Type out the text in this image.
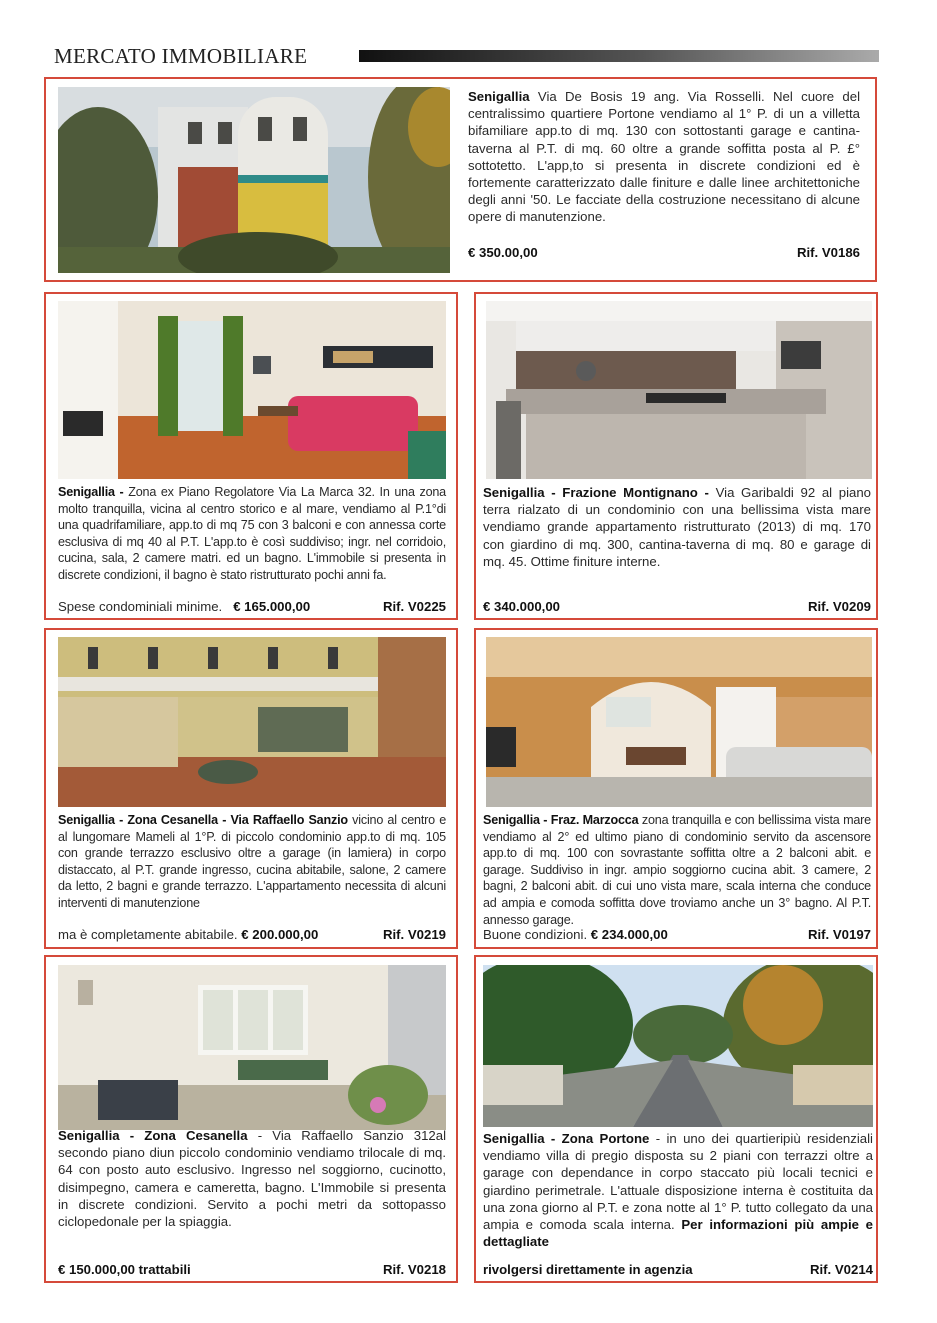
MERCATO IMMOBILIARE
Senigallia Via De Bosis 19 ang. Via Rosselli. Nel cuore del centralissimo quartiere Portone vendiamo al 1° P. di un a villetta bifamiliare app.to di mq. 130 con sottostanti garage e cantina-taverna al P.T. di mq. 60 oltre a grande soffitta posta al P. £° sottotetto. L'app,to si presenta in discrete condizioni ed è fortemente caratterizzato dalle finiture e dalle linee architettoniche degli anni '50. Le facciate della costruzione necessitano di alcune opere di manutenzione.
€ 350.00,00	Rif. V0186
Senigallia - Zona ex Piano Regolatore Via La Marca 32. In una zona molto tranquilla, vicina al centro storico e al mare, vendiamo al P.1°di una quadrifamiliare, app.to di mq 75 con 3 balconi e con annessa corte esclusiva di mq 40 al P.T. L'app.to è così suddiviso; ingr. nel corridoio, cucina, sala, 2 camere matri. ed un bagno. L'immobile si presenta in discrete condizioni, il bagno è stato ristrutturato pochi anni fa.
Spese condominiali minime. € 165.000,00	Rif. V0225
Senigallia - Frazione Montignano - Via Garibaldi 92 al piano terra rialzato di un condominio con una bellissima vista mare vendiamo grande appartamento ristrutturato (2013) di mq. 170 con giardino di mq. 300, cantina-taverna di mq. 80 e garage di mq. 45. Ottime finiture interne.
€ 340.000,00	Rif. V0209
Senigallia - Zona Cesanella - Via Raffaello Sanzio vicino al centro e al lungomare Mameli al 1°P. di piccolo condominio app.to di mq. 105 con grande terrazzo esclusivo oltre a garage (in lamiera) in corpo distaccato, al P.T. grande ingresso, cucina abitabile, salone, 2 camere da letto, 2 bagni e grande terrazzo. L'appartamento necessita di alcuni interventi di manutenzione
ma è completamente abitabile. € 200.000,00	Rif. V0219
Senigallia - Fraz. Marzocca zona tranquilla e con bellissima vista mare vendiamo al 2° ed ultimo piano di condominio servito da ascensore app.to di mq. 100 con sovrastante soffitta oltre a 2 balconi abit. e garage. Suddiviso in ingr. ampio soggiorno cucina abit. 3 camere, 2 bagni, 2 balconi abit. di cui uno vista mare, scala interna che conduce ad ampia e comoda soffitta dove troviamo anche un 3° bagno. Al P.T. annesso garage.
Buone condizioni. € 234.000,00	Rif. V0197
Senigallia - Zona Cesanella - Via Raffaello Sanzio 312al secondo piano diun piccolo condominio vendiamo trilocale di mq. 64 con posto auto esclusivo. Ingresso nel soggiorno, cucinotto, disimpegno, camera e cameretta, bagno. L'Immobile si presenta in discrete condizioni. Servito a pochi metri da sottopasso ciclopedonale per la spiaggia.
€ 150.000,00 trattabili	Rif. V0218
Senigallia - Zona Portone - in uno dei quartieripiù residenziali vendiamo villa di pregio disposta su 2 piani con terrazzi oltre a garage con dependance in corpo staccato più locali tecnici e giardino perimetrale. L'attuale disposizione interna è costituita da una zona giorno al P.T. e zona notte al 1° P. tutto collegato da una ampia e comoda scala interna. Per informazioni più ampie e dettagliate
rivolgersi direttamente in agenzia	Rif. V0214
